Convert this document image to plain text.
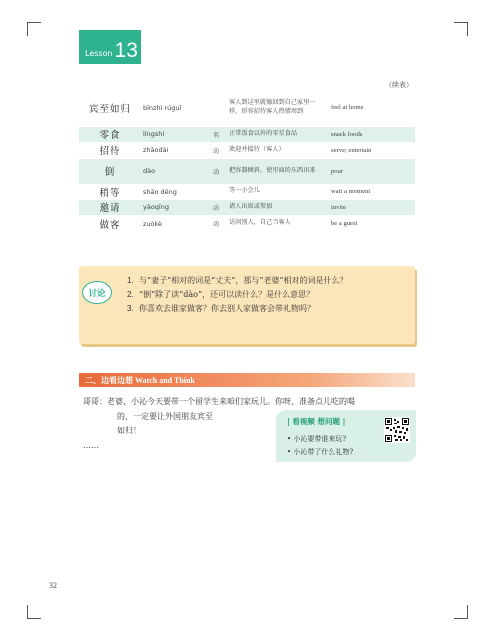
Lesson 13
（续表）
宾至如归	bīnzhì rúguī		客人到这里就像回到自己家里一样，形容招待客人热情周到	feel at home
零食	língshí	名	正常饭食以外的零星食品	snack foods
招待	zhāodài	动	欢迎并接待（客人）	serve; entertain
倒	dào	动	把容器倾斜，使里面的东西出来	pour
稍等	shāo děng		等一小会儿	wait a moment
邀请	yāoqǐng	动	请人出席或参加	invite
做客	zuòkè	动	访问别人，自己当客人	be a guest
讨论
1. 与“妻子”相对的词是“丈夫”，那与“老婆”相对的词是什么？
2. “倒”除了读“dào”，还可以读什么？是什么意思？
3. 你喜欢去谁家做客？你去别人家做客会带礼物吗？
二、边看边想 Watch and Think
哥哥：老婆，小沁今天要带一个留学生来咱们家玩儿。你呀，准备点儿吃的喝
的，一定要让外国朋友宾至
如归！
……
| 看视频 想问题 |
• 小沁要带谁来玩?
• 小沁带了什么礼物?
32
